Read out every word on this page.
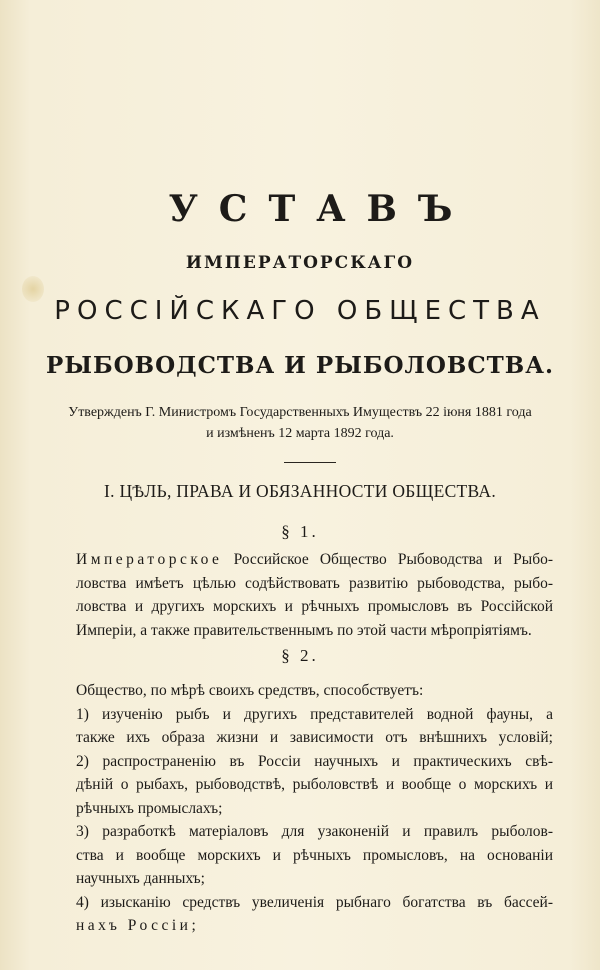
УСТАВЪ
ИМПЕРАТОРСКАГО
РОССІЙСКАГО ОБЩЕСТВА
РЫБОВОДСТВА И РЫБОЛОВСТВА.
Утвержденъ Г. Министромъ Государственныхъ Имуществъ 22 іюня 1881 года
и измѣненъ 12 марта 1892 года.
I. ЦѢЛЬ, ПРАВА И ОБЯЗАННОСТИ ОБЩЕСТВА.
§ 1.
Императорское Российское Общество Рыбоводства и Рыбо-
ловства имѣетъ цѣлью содѣйствовать развитію рыбоводства, рыбо-
ловства и другихъ морскихъ и рѣчныхъ промысловъ въ Россійской
Имперіи, а также правительственнымъ по этой части мѣропріятіямъ.
§ 2.
Общество, по мѣрѣ своихъ средствъ, способствуетъ:
1) изученію рыбъ и другихъ представителей водной фауны, а
также ихъ образа жизни и зависимости отъ внѣшнихъ условій;
2) распространенію въ Россіи научныхъ и практическихъ свѣ-
дѣній о рыбахъ, рыбоводствѣ, рыболовствѣ и вообще о морскихъ и
рѣчныхъ промыслахъ;
3) разработкѣ матеріаловъ для узаконеній и правилъ рыболов-
ства и вообще морскихъ и рѣчныхъ промысловъ, на основаніи
научныхъ данныхъ;
4) изысканію средствъ увеличенія рыбнаго богатства въ бассей-
нахъ Россіи;
